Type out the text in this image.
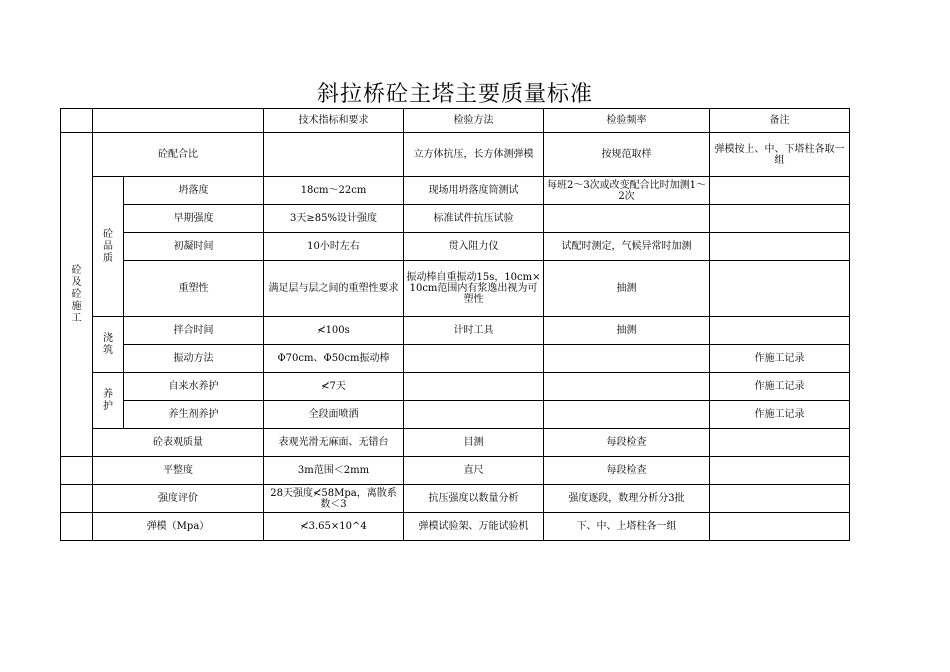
斜拉桥砼主塔主要质量标准
			技术指标和要求	检验方法	检验频率	备注
砼及砼施工	砼配合比			立方体抗压，长方体测弹模	按规范取样	弹模按上、中、下塔柱各取一组
	砼品质	坍落度	18cm～22cm	现场用坍落度筒测试	每班2～3次或改变配合比时加测1～2次	
		早期强度	3天≥85%设计强度	标准试件抗压试验		
		初凝时间	10小时左右	贯入阻力仪	试配时测定，气候异常时加测	
		重塑性	满足层与层之间的重塑性要求	振动棒自重振动15s，10cm×10cm范围内有浆逸出视为可塑性	抽测	
	浇筑	拌合时间	≮100s	计时工具	抽测	
		振动方法	Φ70cm、Φ50cm振动棒			作施工记录
	养护	自来水养护	≮7天			作施工记录
		养生剂养护	全段面喷洒			作施工记录
	砼表观质量		表观光滑无麻面、无错台	目测	每段检查	
	平整度		3m范围＜2mm	直尺	每段检查	
	强度评价		28天强度≮58Mpa，离散系数＜3	抗压强度以数量分析	强度逐段，数理分析分3批	
	弹模（Mpa）		≮3.65×10^4	弹模试验架、万能试验机	下、中、上塔柱各一组	
